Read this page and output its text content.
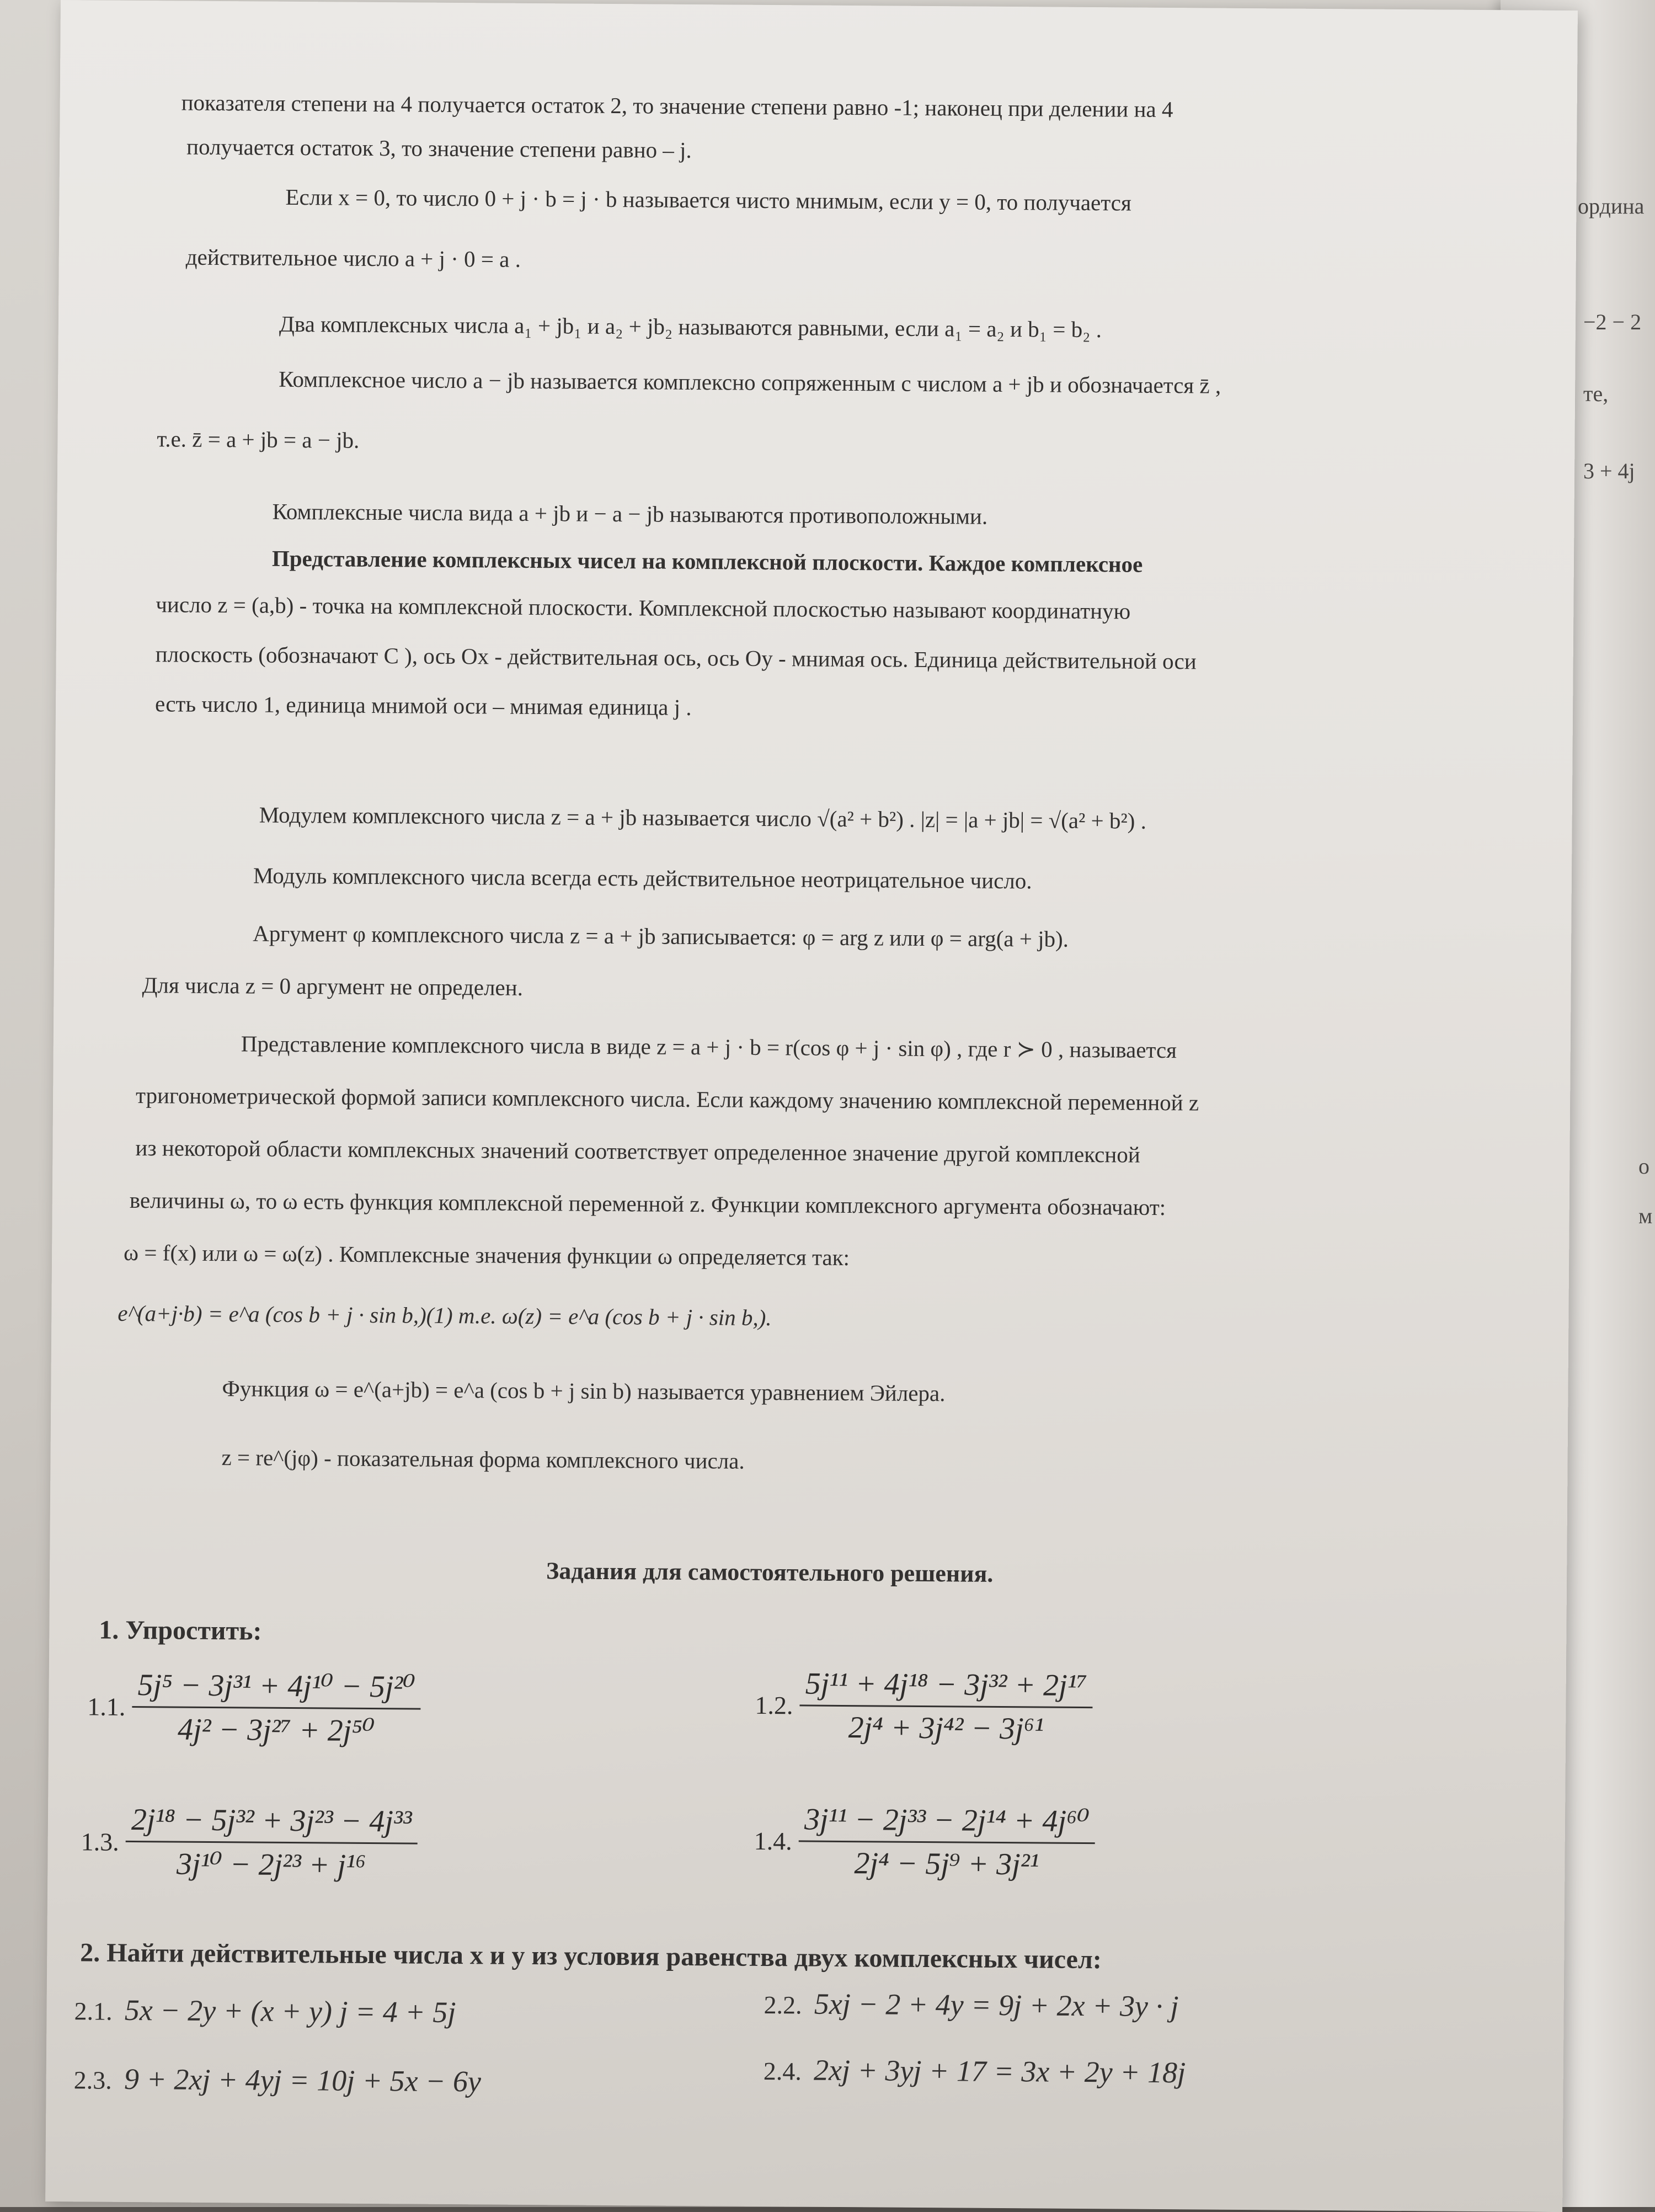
ордина
−2 − 2
те,
3 + 4j
о
м
показателя степени на 4 получается остаток 2, то значение степени равно -1; наконец при делении на 4
получается остаток 3, то значение степени равно – j.
Если x = 0, то число 0 + j · b = j · b называется чисто мнимым, если y = 0, то получается
действительное число a + j · 0 = a .
Два комплексных числа a₁ + jb₁ и a₂ + jb₂ называются равными, если a₁ = a₂ и b₁ = b₂ .
Комплексное число a − jb называется комплексно сопряженным с числом a + jb и обозначается z̄ ,
т.е. z̄ = a + jb = a − jb.
Комплексные числа вида a + jb и − a − jb называются противоположными.
Представление комплексных чисел на комплексной плоскости. Каждое комплексное
число z = (a,b) - точка на комплексной плоскости. Комплексной плоскостью называют координатную
плоскость (обозначают C ), ось Ox - действительная ось, ось Oy - мнимая ось. Единица действительной оси
есть число 1, единица мнимой оси – мнимая единица j .
Модулем комплексного числа z = a + jb называется число √(a² + b²) . |z| = |a + jb| = √(a² + b²) .
Модуль комплексного числа всегда есть действительное неотрицательное число.
Аргумент φ комплексного числа z = a + jb записывается: φ = arg z или φ = arg(a + jb).
Для числа z = 0 аргумент не определен.
Представление комплексного числа в виде z = a + j · b = r(cos φ + j · sin φ) , где r ≻ 0 , называется
тригонометрической формой записи комплексного числа. Если каждому значению комплексной переменной z
из некоторой области комплексных значений соответствует определенное значение другой комплексной
величины ω, то ω есть функция комплексной переменной z. Функции комплексного аргумента обозначают:
ω = f(x) или ω = ω(z) . Комплексные значения функции ω определяется так:
e^(a+j·b) = e^a (cos b + j · sin b,)(1) т.е. ω(z) = e^a (cos b + j · sin b,).
Функция ω = e^(a+jb) = e^a (cos b + j sin b) называется уравнением Эйлера.
z = re^(jφ) - показательная форма комплексного числа.
Задания для самостоятельного решения.
1. Упростить:
1.1. $\frac{\text{5j⁵ − 3j³¹ + 4j¹⁰ − 5j²⁰}}{\text{4j² − 3j²⁷ + 2j⁵⁰}}$	1.2. $\frac{\text{5j¹¹ + 4j¹⁸ − 3j³² + 2j¹⁷}}{\text{2j⁴ + 3j⁴² − 3j⁶¹}}$
1.3. $\frac{\text{2j¹⁸ − 5j³² + 3j²³ − 4j³³}}{\text{3j¹⁰ − 2j²³ + j¹⁶}}$	1.4. $\frac{\text{3j¹¹ − 2j³³ − 2j¹⁴ + 4j⁶⁰}}{\text{2j⁴ − 5j⁹ + 3j²¹}}$
2. Найти действительные числа x и y из условия равенства двух комплексных чисел:
2.1. 5x − 2y + (x + y) j = 4 + 5j	2.2. 5xj − 2 + 4y = 9j + 2x + 3y · j
2.3. 9 + 2xj + 4yj = 10j + 5x − 6y	2.4. 2xj + 3yj + 17 = 3x + 2y + 18j
